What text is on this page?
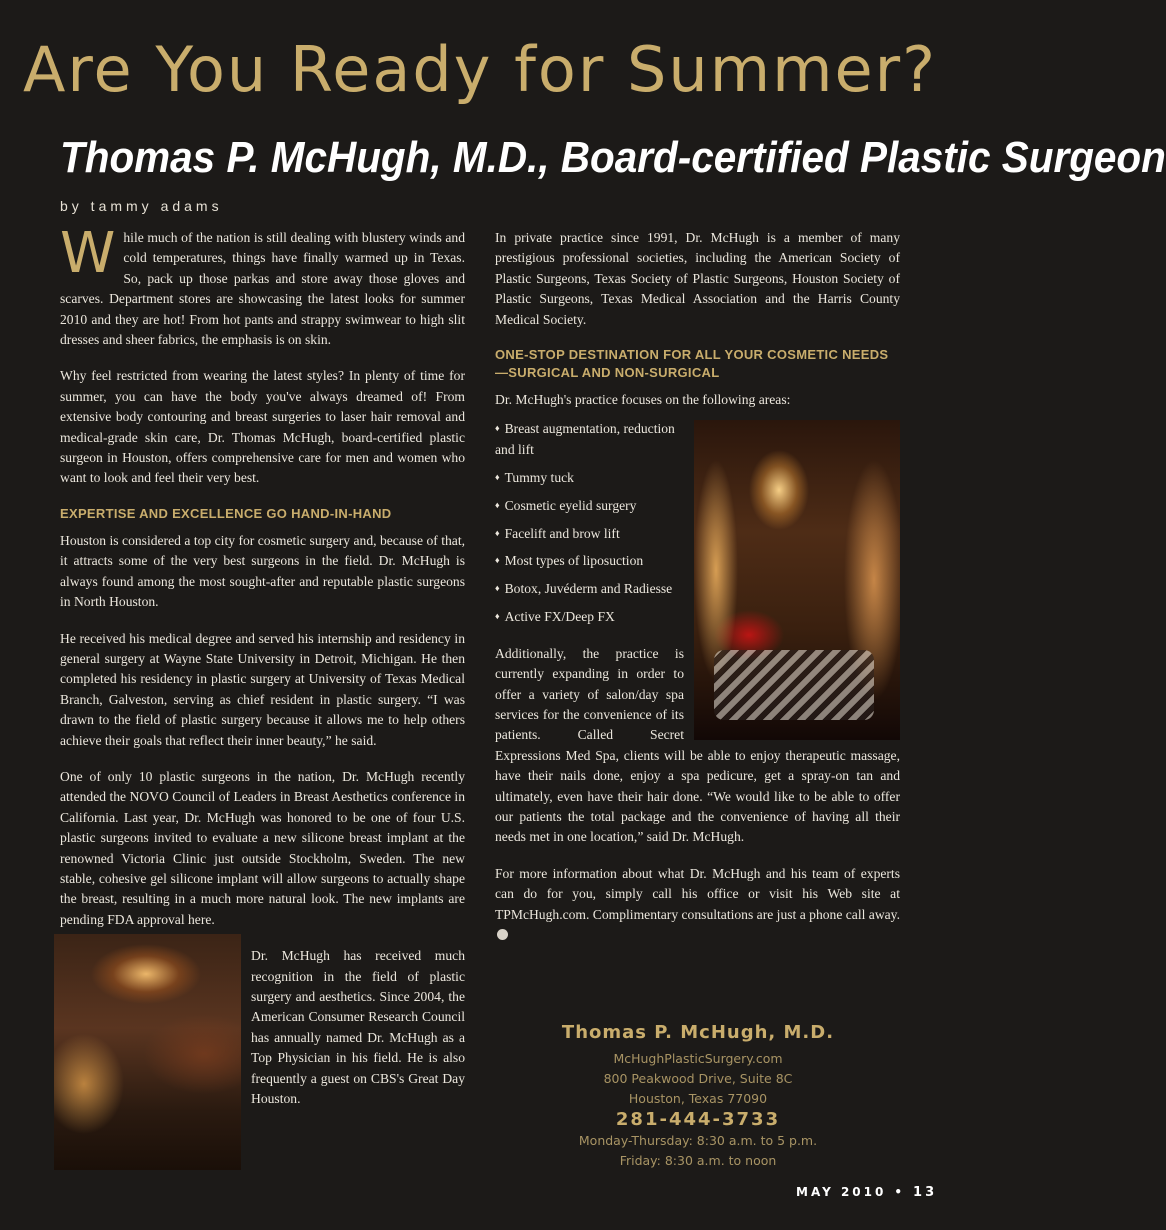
Are You Ready for Summer?
Thomas P. McHugh, M.D., Board-certified Plastic Surgeon
by tammy adams

While much of the nation is still dealing with blustery winds and cold temperatures, things have finally warmed up in Texas. So, pack up those parkas and store away those gloves and scarves. Department stores are showcasing the latest looks for summer 2010 and they are hot! From hot pants and strappy swimwear to high slit dresses and sheer fabrics, the emphasis is on skin.

Why feel restricted from wearing the latest styles? In plenty of time for summer, you can have the body you've always dreamed of! From extensive body contouring and breast surgeries to laser hair removal and medical-grade skin care, Dr. Thomas McHugh, board-certified plastic surgeon in Houston, offers comprehensive care for men and women who want to look and feel their very best.

EXPERTISE AND EXCELLENCE GO HAND-IN-HAND

Houston is considered a top city for cosmetic surgery and, because of that, it attracts some of the very best surgeons in the field. Dr. McHugh is always found among the most sought-after and reputable plastic surgeons in North Houston.

He received his medical degree and served his internship and residency in general surgery at Wayne State University in Detroit, Michigan. He then completed his residency in plastic surgery at University of Texas Medical Branch, Galveston, serving as chief resident in plastic surgery. “I was drawn to the field of plastic surgery because it allows me to help others achieve their goals that reflect their inner beauty,” he said.

One of only 10 plastic surgeons in the nation, Dr. McHugh recently attended the NOVO Council of Leaders in Breast Aesthetics conference in California. Last year, Dr. McHugh was honored to be one of four U.S. plastic surgeons invited to evaluate a new silicone breast implant at the renowned Victoria Clinic just outside Stockholm, Sweden. The new stable, cohesive gel silicone implant will allow surgeons to actually shape the breast, resulting in a much more natural look. The new implants are pending FDA approval here.

Dr. McHugh has received much recognition in the field of plastic surgery and aesthetics. Since 2004, the American Consumer Research Council has annually named Dr. McHugh as a Top Physician in his field. He is also frequently a guest on CBS's Great Day Houston.

In private practice since 1991, Dr. McHugh is a member of many prestigious professional societies, including the American Society of Plastic Surgeons, Texas Society of Plastic Surgeons, Houston Society of Plastic Surgeons, Texas Medical Association and the Harris County Medical Society.

ONE-STOP DESTINATION FOR ALL YOUR COSMETIC NEEDS—SURGICAL AND NON-SURGICAL

Dr. McHugh's practice focuses on the following areas:

♦ Breast augmentation, reduction and lift
♦ Tummy tuck
♦ Cosmetic eyelid surgery
♦ Facelift and brow lift
♦ Most types of liposuction
♦ Botox, Juvéderm and Radiesse
♦ Active FX/Deep FX

Additionally, the practice is currently expanding in order to offer a variety of salon/day spa services for the convenience of its patients. Called Secret Expressions Med Spa, clients will be able to enjoy therapeutic massage, have their nails done, enjoy a spa pedicure, get a spray-on tan and ultimately, even have their hair done. “We would like to be able to offer our patients the total package and the convenience of having all their needs met in one location,” said Dr. McHugh.

For more information about what Dr. McHugh and his team of experts can do for you, simply call his office or visit his Web site at TPMcHugh.com. Complimentary consultations are just a phone call away.

Thomas P. McHugh, M.D.
McHughPlasticSurgery.com
800 Peakwood Drive, Suite 8C
Houston, Texas 77090
281-444-3733
Monday-Thursday: 8:30 a.m. to 5 p.m.
Friday: 8:30 a.m. to noon
MAY 2010 • 13
